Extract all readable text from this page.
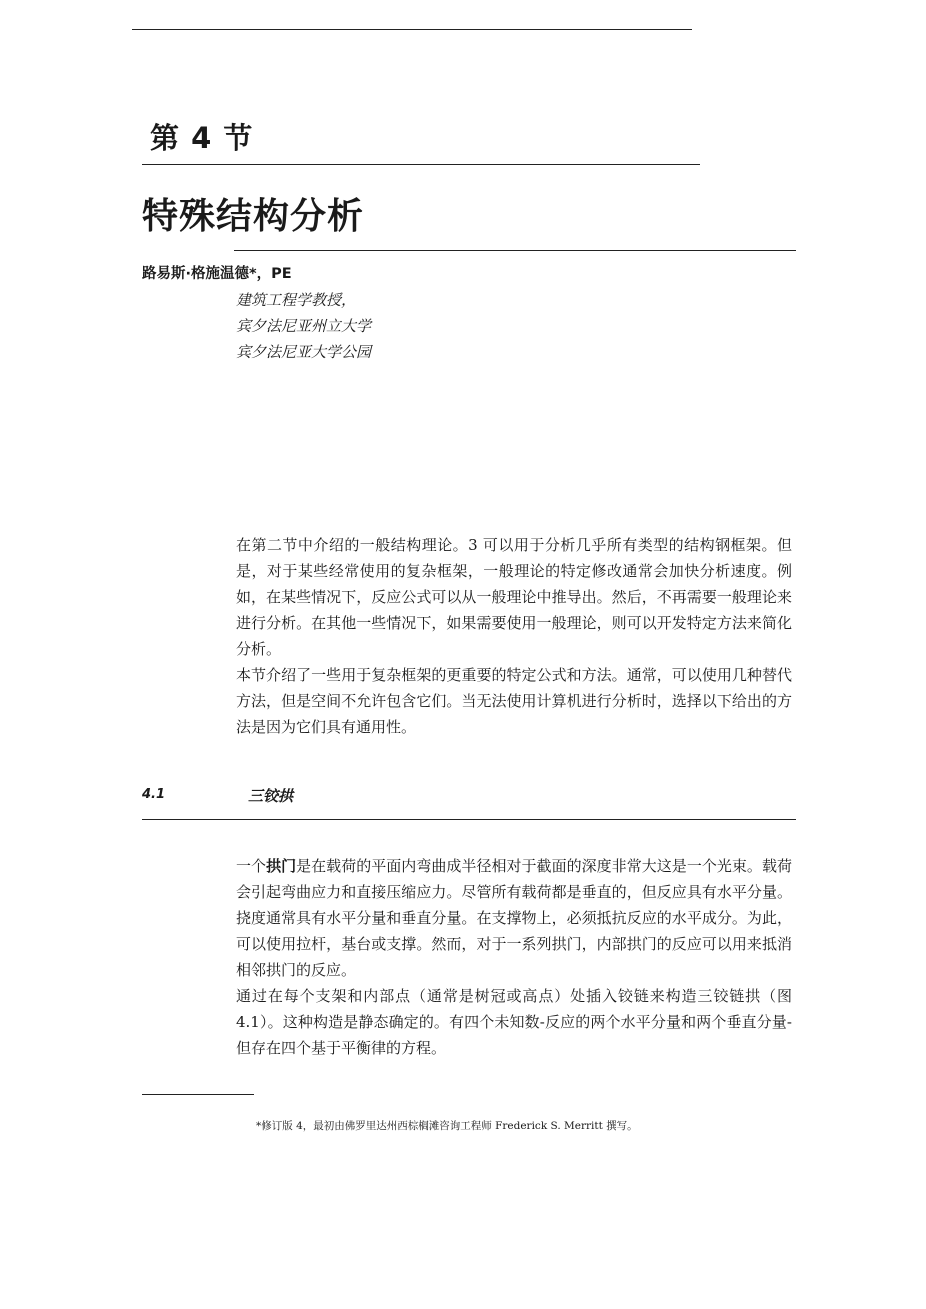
第 4 节
特殊结构分析
路易斯·格施温德*，PE
建筑工程学教授，
宾夕法尼亚州立大学
宾夕法尼亚大学公园

在第二节中介绍的一般结构理论。3 可以用于分析几乎所有类型的结构钢框架。但是，对于某些经常使用的复杂框架，一般理论的特定修改通常会加快分析速度。例如，在某些情况下，反应公式可以从一般理论中推导出。然后，不再需要一般理论来进行分析。在其他一些情况下，如果需要使用一般理论，则可以开发特定方法来简化分析。

本节介绍了一些用于复杂框架的更重要的特定公式和方法。通常，可以使用几种替代方法，但是空间不允许包含它们。当无法使用计算机进行分析时，选择以下给出的方法是因为它们具有通用性。

4.1	三铰拱

一个拱门是在载荷的平面内弯曲成半径相对于截面的深度非常大这是一个光束。载荷会引起弯曲应力和直接压缩应力。尽管所有载荷都是垂直的，但反应具有水平分量。挠度通常具有水平分量和垂直分量。在支撑物上，必须抵抗反应的水平成分。为此，可以使用拉杆，基台或支撑。然而，对于一系列拱门，内部拱门的反应可以用来抵消相邻拱门的反应。

通过在每个支架和内部点（通常是树冠或高点）处插入铰链来构造三铰链拱（图 4.1）。这种构造是静态确定的。有四个未知数-反应的两个水平分量和两个垂直分量-但存在四个基于平衡律的方程。

*修订版 4，最初由佛罗里达州西棕榈滩咨询工程师 Frederick S. Merritt 撰写。
